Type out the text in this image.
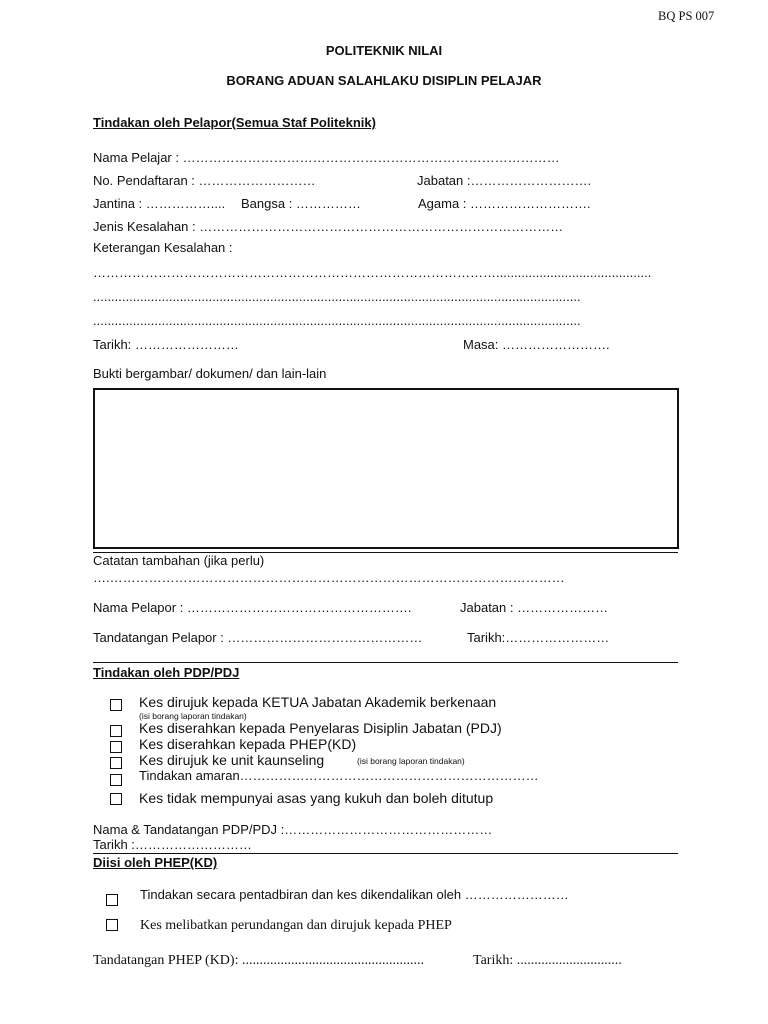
BQ PS 007
POLITEKNIK NILAI
BORANG ADUAN SALAHLAKU DISIPLIN PELAJAR
Tindakan oleh Pelapor(Semua Staf Politeknik)
Nama Pelajar : ……………………………………………………………………………
No. Pendaftaran : ………………………	Jabatan :……………………….
Jantina : …………….... Bangsa : ……………	Agama : ……………………….
Jenis Kesalahan : …………………………………………………………………………
Keterangan Kesalahan :
…………………………………………………………………………………...........................................
.......................................................................................................................................
.......................................................................................................................................
Tarikh: ……………………	Masa: …………………….
Bukti bergambar/ dokumen/ dan lain-lain
Catatan tambahan (jika perlu)
….……………………………………………………………………………………………
Nama Pelapor : …………………………………………….	Jabatan : …………………
Tandatangan Pelapor : ………………………………………	Tarikh:……………………
Tindakan oleh PDP/PDJ
Kes dirujuk kepada KETUA Jabatan Akademik berkenaan
(isi borang laporan tindakan)
Kes diserahkan kepada Penyelaras Disiplin Jabatan (PDJ)
Kes diserahkan kepada PHEP(KD)
Kes dirujuk ke unit kaunseling	(isi borang laporan tindakan)
Tindakan amaran……………………………………………………………
Kes tidak mempunyai asas yang kukuh dan boleh ditutup
Nama & Tandatangan PDP/PDJ :…………………………………………
Tarikh :………………………
Diisi oleh PHEP(KD)
Tindakan secara pentadbiran dan kes dikendalikan oleh ……………………
Kes melibatkan perundangan dan dirujuk kepada PHEP
Tandatangan PHEP (KD): ....................................................	Tarikh: ..............................
